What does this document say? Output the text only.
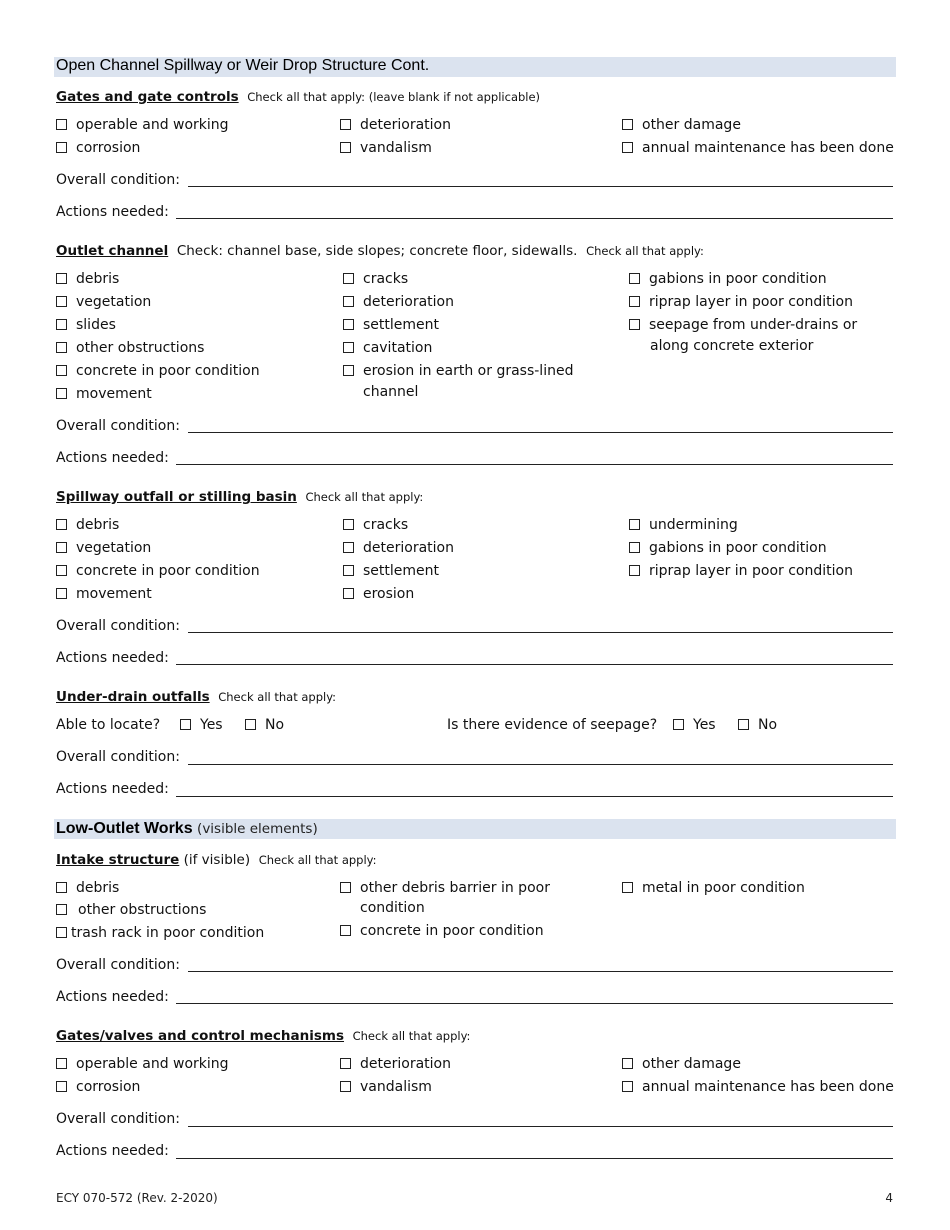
Open Channel Spillway or Weir Drop Structure Cont.
Gates and gate controls Check all that apply: (leave blank if not applicable)
operable and working
corrosion
deterioration
vandalism
other damage
annual maintenance has been done
Overall condition:
Actions needed:
Outlet channel Check: channel base, side slopes; concrete floor, sidewalls. Check all that apply:
debris
vegetation
slides
other obstructions
concrete in poor condition
movement
cracks
deterioration
settlement
cavitation
erosion in earth or grass-lined
channel
gabions in poor condition
riprap layer in poor condition
seepage from under-drains or
along concrete exterior
Overall condition:
Actions needed:
Spillway outfall or stilling basin Check all that apply:
debris
vegetation
concrete in poor condition
movement
cracks
deterioration
settlement
erosion
undermining
gabions in poor condition
riprap layer in poor condition
Overall condition:
Actions needed:
Under-drain outfalls Check all that apply:
Able to locate?	Yes	No	Is there evidence of seepage?	Yes	No
Overall condition:
Actions needed:
Low-Outlet Works (visible elements)
Intake structure (if visible) Check all that apply:
debris
other obstructions
trash rack in poor condition
other debris barrier in poor
condition
concrete in poor condition
metal in poor condition
Overall condition:
Actions needed:
Gates/valves and control mechanisms Check all that apply:
operable and working
corrosion
deterioration
vandalism
other damage
annual maintenance has been done
Overall condition:
Actions needed:
ECY 070-572 (Rev. 2-2020)	4
